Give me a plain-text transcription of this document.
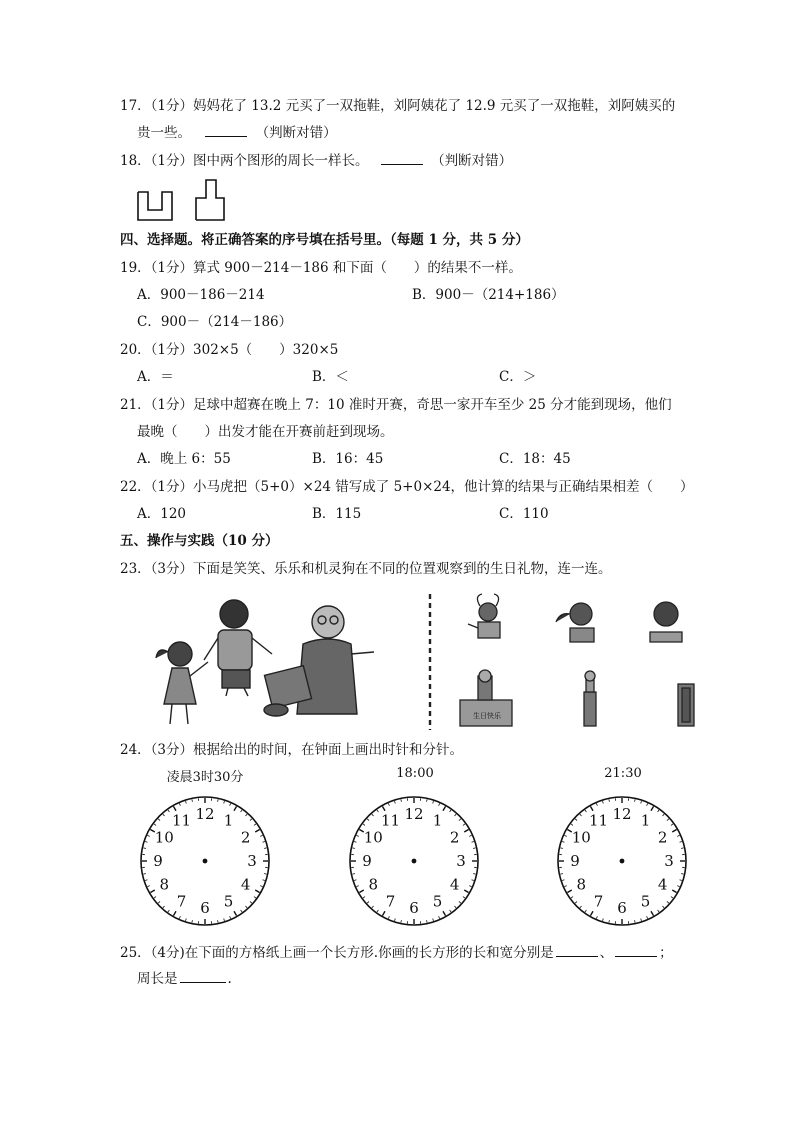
17．（1分）妈妈花了 13.2 元买了一双拖鞋，刘阿姨花了 12.9 元买了一双拖鞋，刘阿姨买的
贵一些。	（判断对错）
18．（1分）图中两个图形的周长一样长。	（判断对错）
四、选择题。将正确答案的序号填在括号里。（每题 1 分，共 5 分）
19．（1分）算式 900－214－186 和下面（　　）的结果不一样。
A．900－186－214	B．900－（214+186）
C．900－（214－186）
20．（1分）302×5（　　）320×5
A．＝	B．＜	C．＞
21．（1分）足球中超赛在晚上 7：10 准时开赛，奇思一家开车至少 25 分才能到现场，他们
最晚（　　）出发才能在开赛前赶到现场。
A．晚上 6：55	B．16：45	C．18：45
22．（1分）小马虎把（5+0）×24 错写成了 5+0×24，他计算的结果与正确结果相差（　　）
A．120	B．115	C．110
五、操作与实践（10 分）
23．（3分）下面是笑笑、乐乐和机灵狗在不同的位置观察到的生日礼物，连一连。
生日快乐
24．（3分）根据给出的时间，在钟面上画出时针和分针。
凌晨3时30分	18:00	21:30
12 1
2
3
4
5
6
7
8
9
10
11	12 1
2
3
4
5
6
7
8
9
10
11	12 1
2
3
4
5
6
7
8
9
10
11
25．（4分)在下面的方格纸上画一个长方形.你画的长方形的长和宽分别是	、	；
周长是	.
